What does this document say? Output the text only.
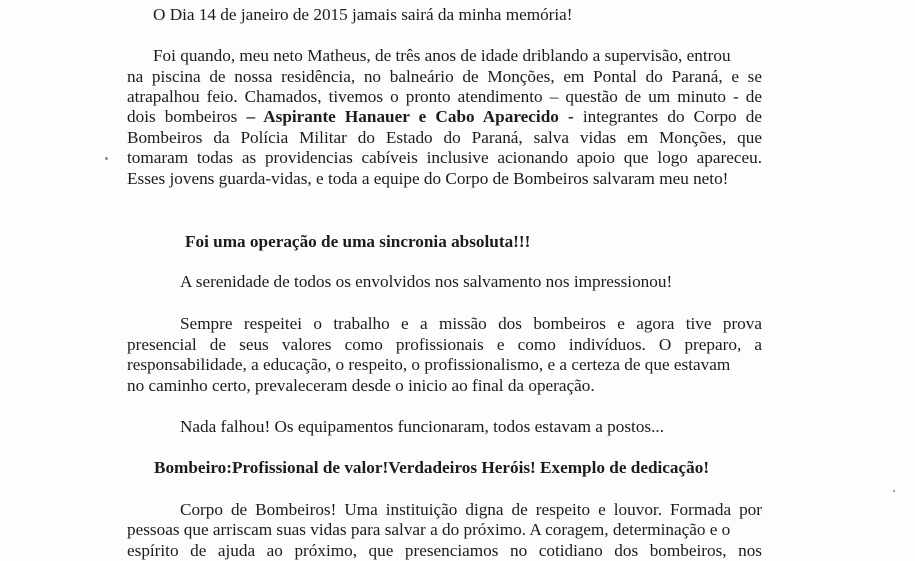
O Dia 14 de janeiro de 2015 jamais sairá da minha memória!
Foi quando, meu neto Matheus, de três anos de idade driblando a supervisão, entrou
na piscina de nossa residência, no balneário de Monções, em Pontal do Paraná, e se
atrapalhou feio. Chamados, tivemos o pronto atendimento – questão de um minuto - de
dois bombeiros – Aspirante Hanauer e Cabo Aparecido - integrantes do Corpo de
Bombeiros da Polícia Militar do Estado do Paraná, salva vidas em Monções, que
tomaram todas as providencias cabíveis inclusive acionando apoio que logo apareceu.
Esses jovens guarda-vidas, e toda a equipe do Corpo de Bombeiros salvaram meu neto!
Foi uma operação de uma sincronia absoluta!!!
A serenidade de todos os envolvidos nos salvamento nos impressionou!
Sempre respeitei o trabalho e a missão dos bombeiros e agora tive prova
presencial de seus valores como profissionais e como indivíduos. O preparo, a
responsabilidade, a educação, o respeito, o profissionalismo, e a certeza de que estavam
no caminho certo, prevaleceram desde o inicio ao final da operação.
Nada falhou! Os equipamentos funcionaram, todos estavam a postos...
Bombeiro:Profissional de valor!Verdadeiros Heróis! Exemplo de dedicação!
Corpo de Bombeiros! Uma instituição digna de respeito e louvor. Formada por
pessoas que arriscam suas vidas para salvar a do próximo. A coragem, determinação e o
espírito de ajuda ao próximo, que presenciamos no cotidiano dos bombeiros, nos
